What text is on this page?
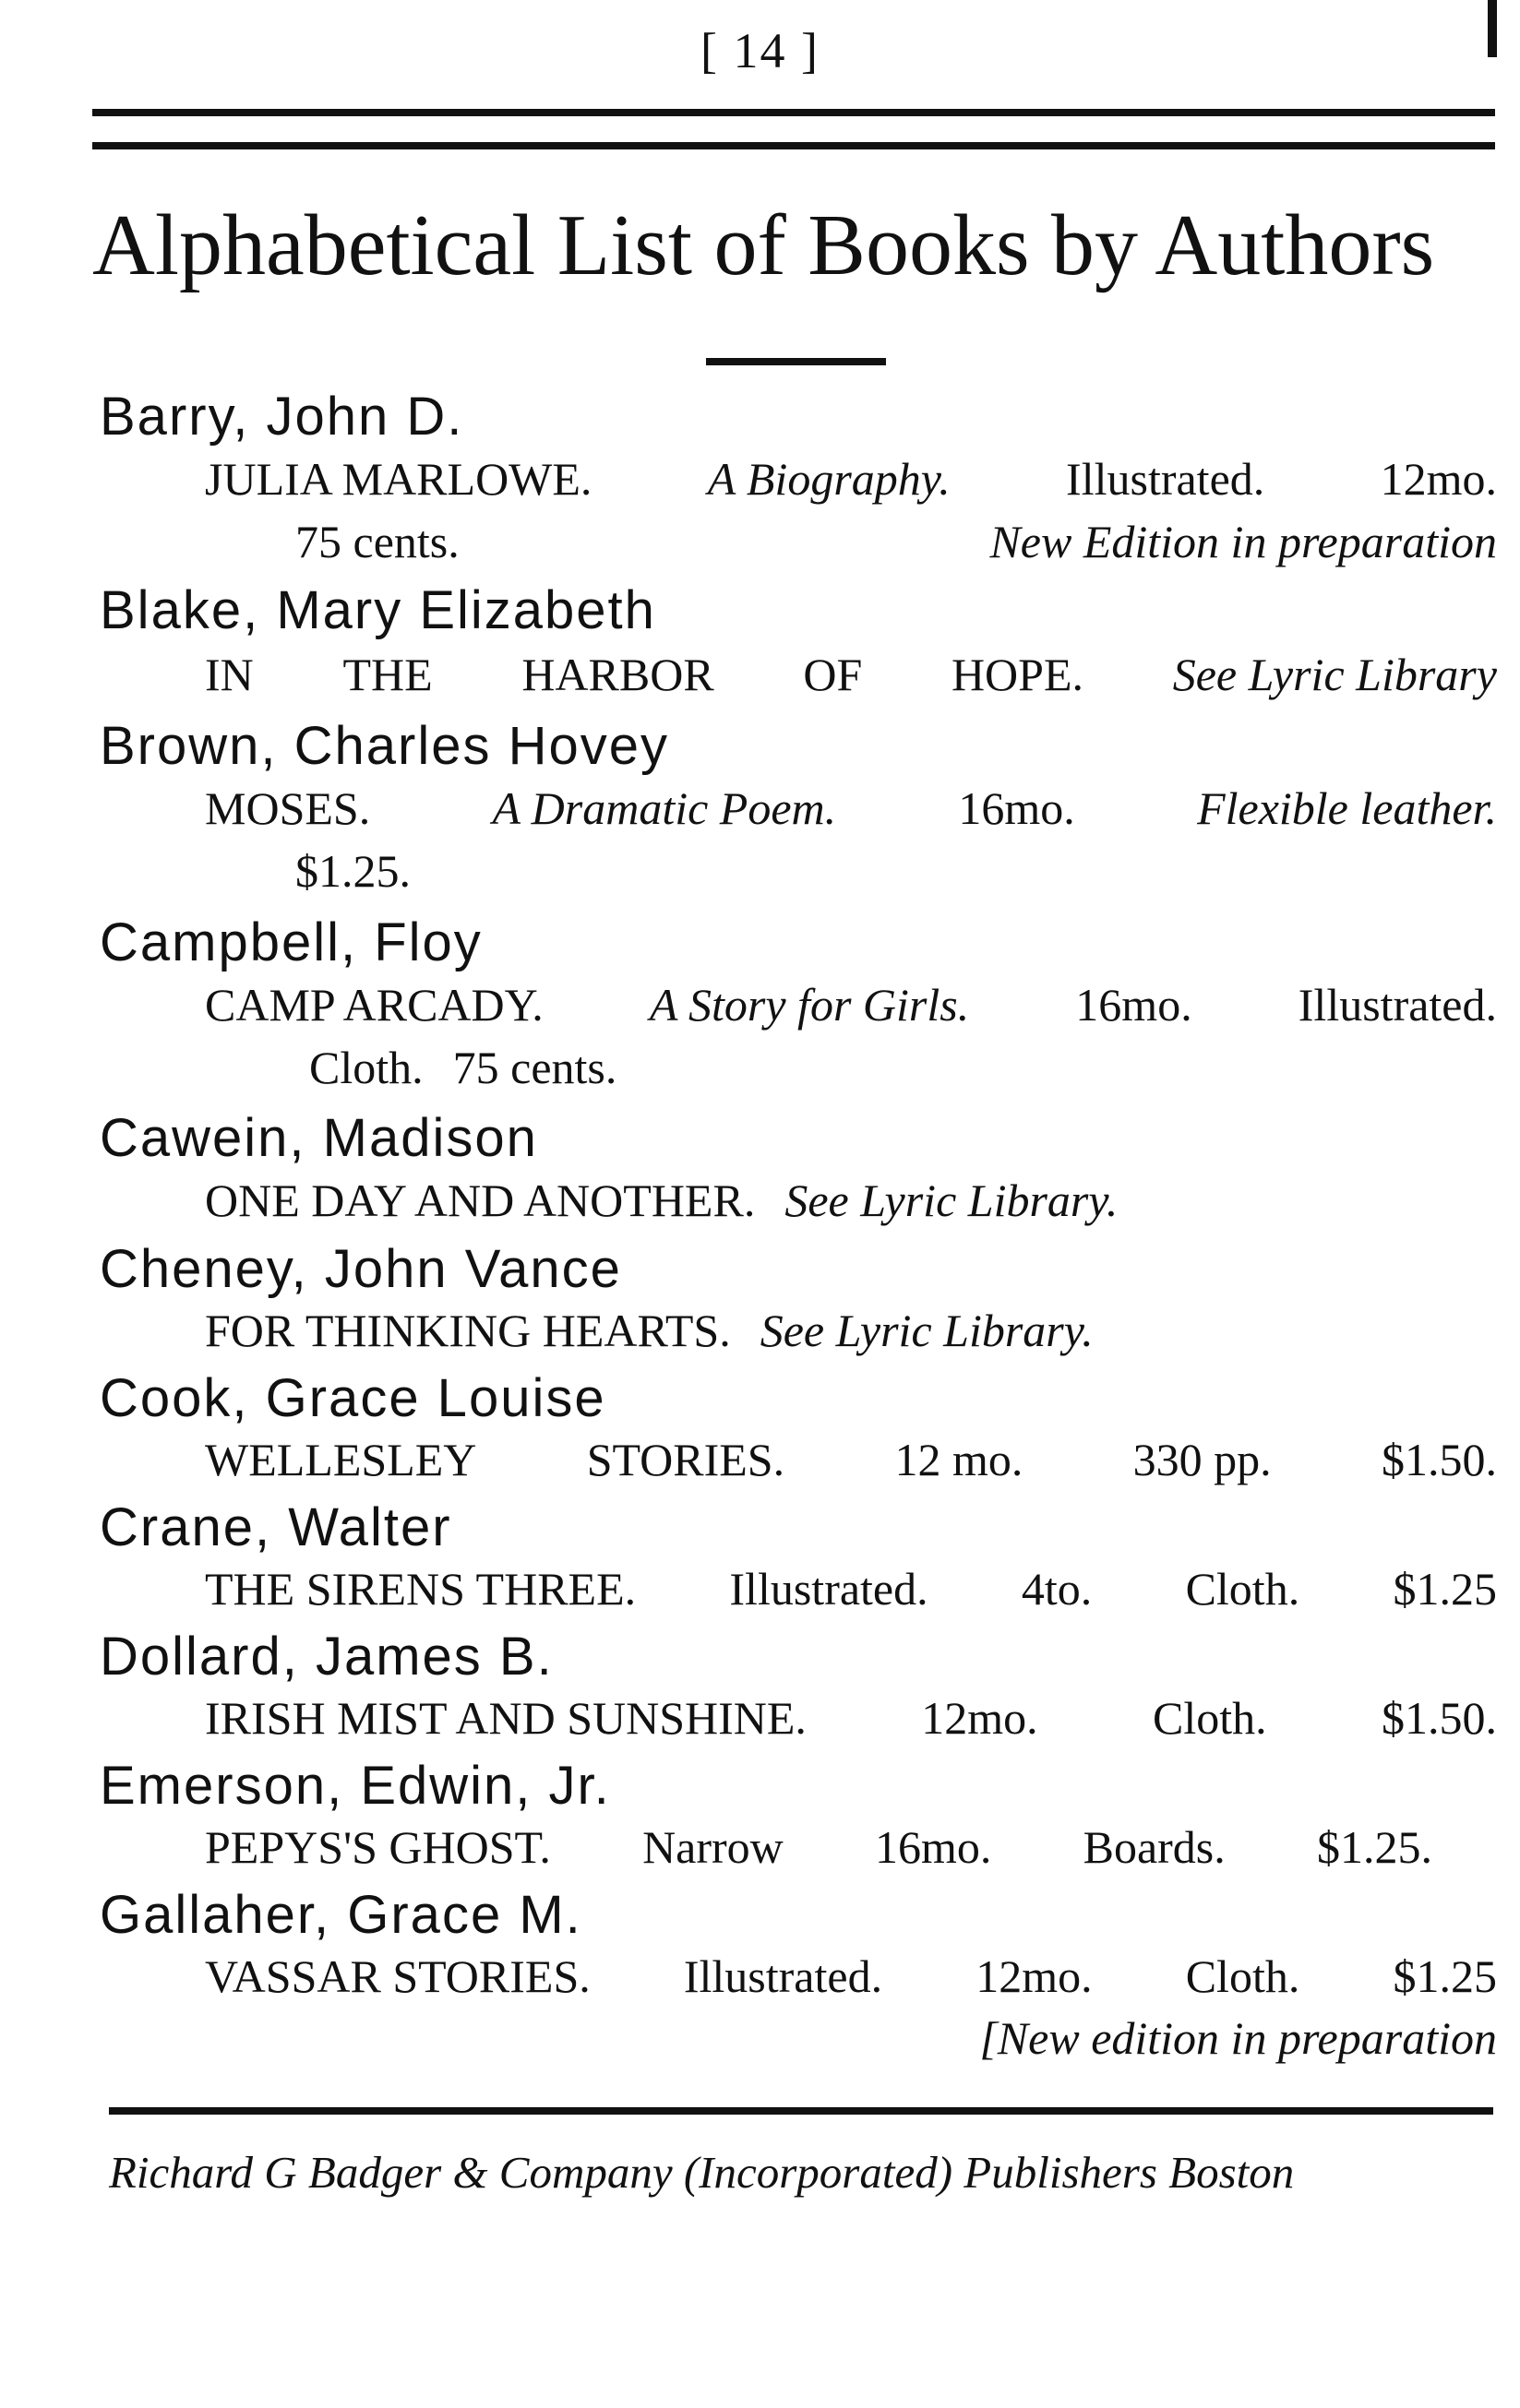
[ 14 ]
Alphabetical List of Books by Authors
Barry, John D.
JULIA MARLOWE.	A Biography.	Illustrated.	12mo.
75 cents.	New Edition in preparation
Blake, Mary Elizabeth
IN THE HARBOR OF HOPE. See Lyric Library
Brown, Charles Hovey
MOSES.	A Dramatic Poem.	16mo.	Flexible leather.
$1.25.
Campbell, Floy
CAMP ARCADY. A Story for Girls. 16mo. Illustrated.
Cloth. 75 cents.
Cawein, Madison
ONE DAY AND ANOTHER. See Lyric Library.
Cheney, John Vance
FOR THINKING HEARTS. See Lyric Library.
Cook, Grace Louise
WELLESLEY STORIES. 12 mo. 330 pp. $1.50.
Crane, Walter
THE SIRENS THREE. Illustrated. 4to. Cloth. $1.25
Dollard, James B.
IRISH MIST AND SUNSHINE. 12mo. Cloth. $1.50.
Emerson, Edwin, Jr.
PEPYS'S GHOST. Narrow 16mo. Boards. $1.25.
Gallaher, Grace M.
VASSAR STORIES. Illustrated. 12mo. Cloth. $1.25
[New edition in preparation
Richard G Badger & Company (Incorporated) Publishers Boston
